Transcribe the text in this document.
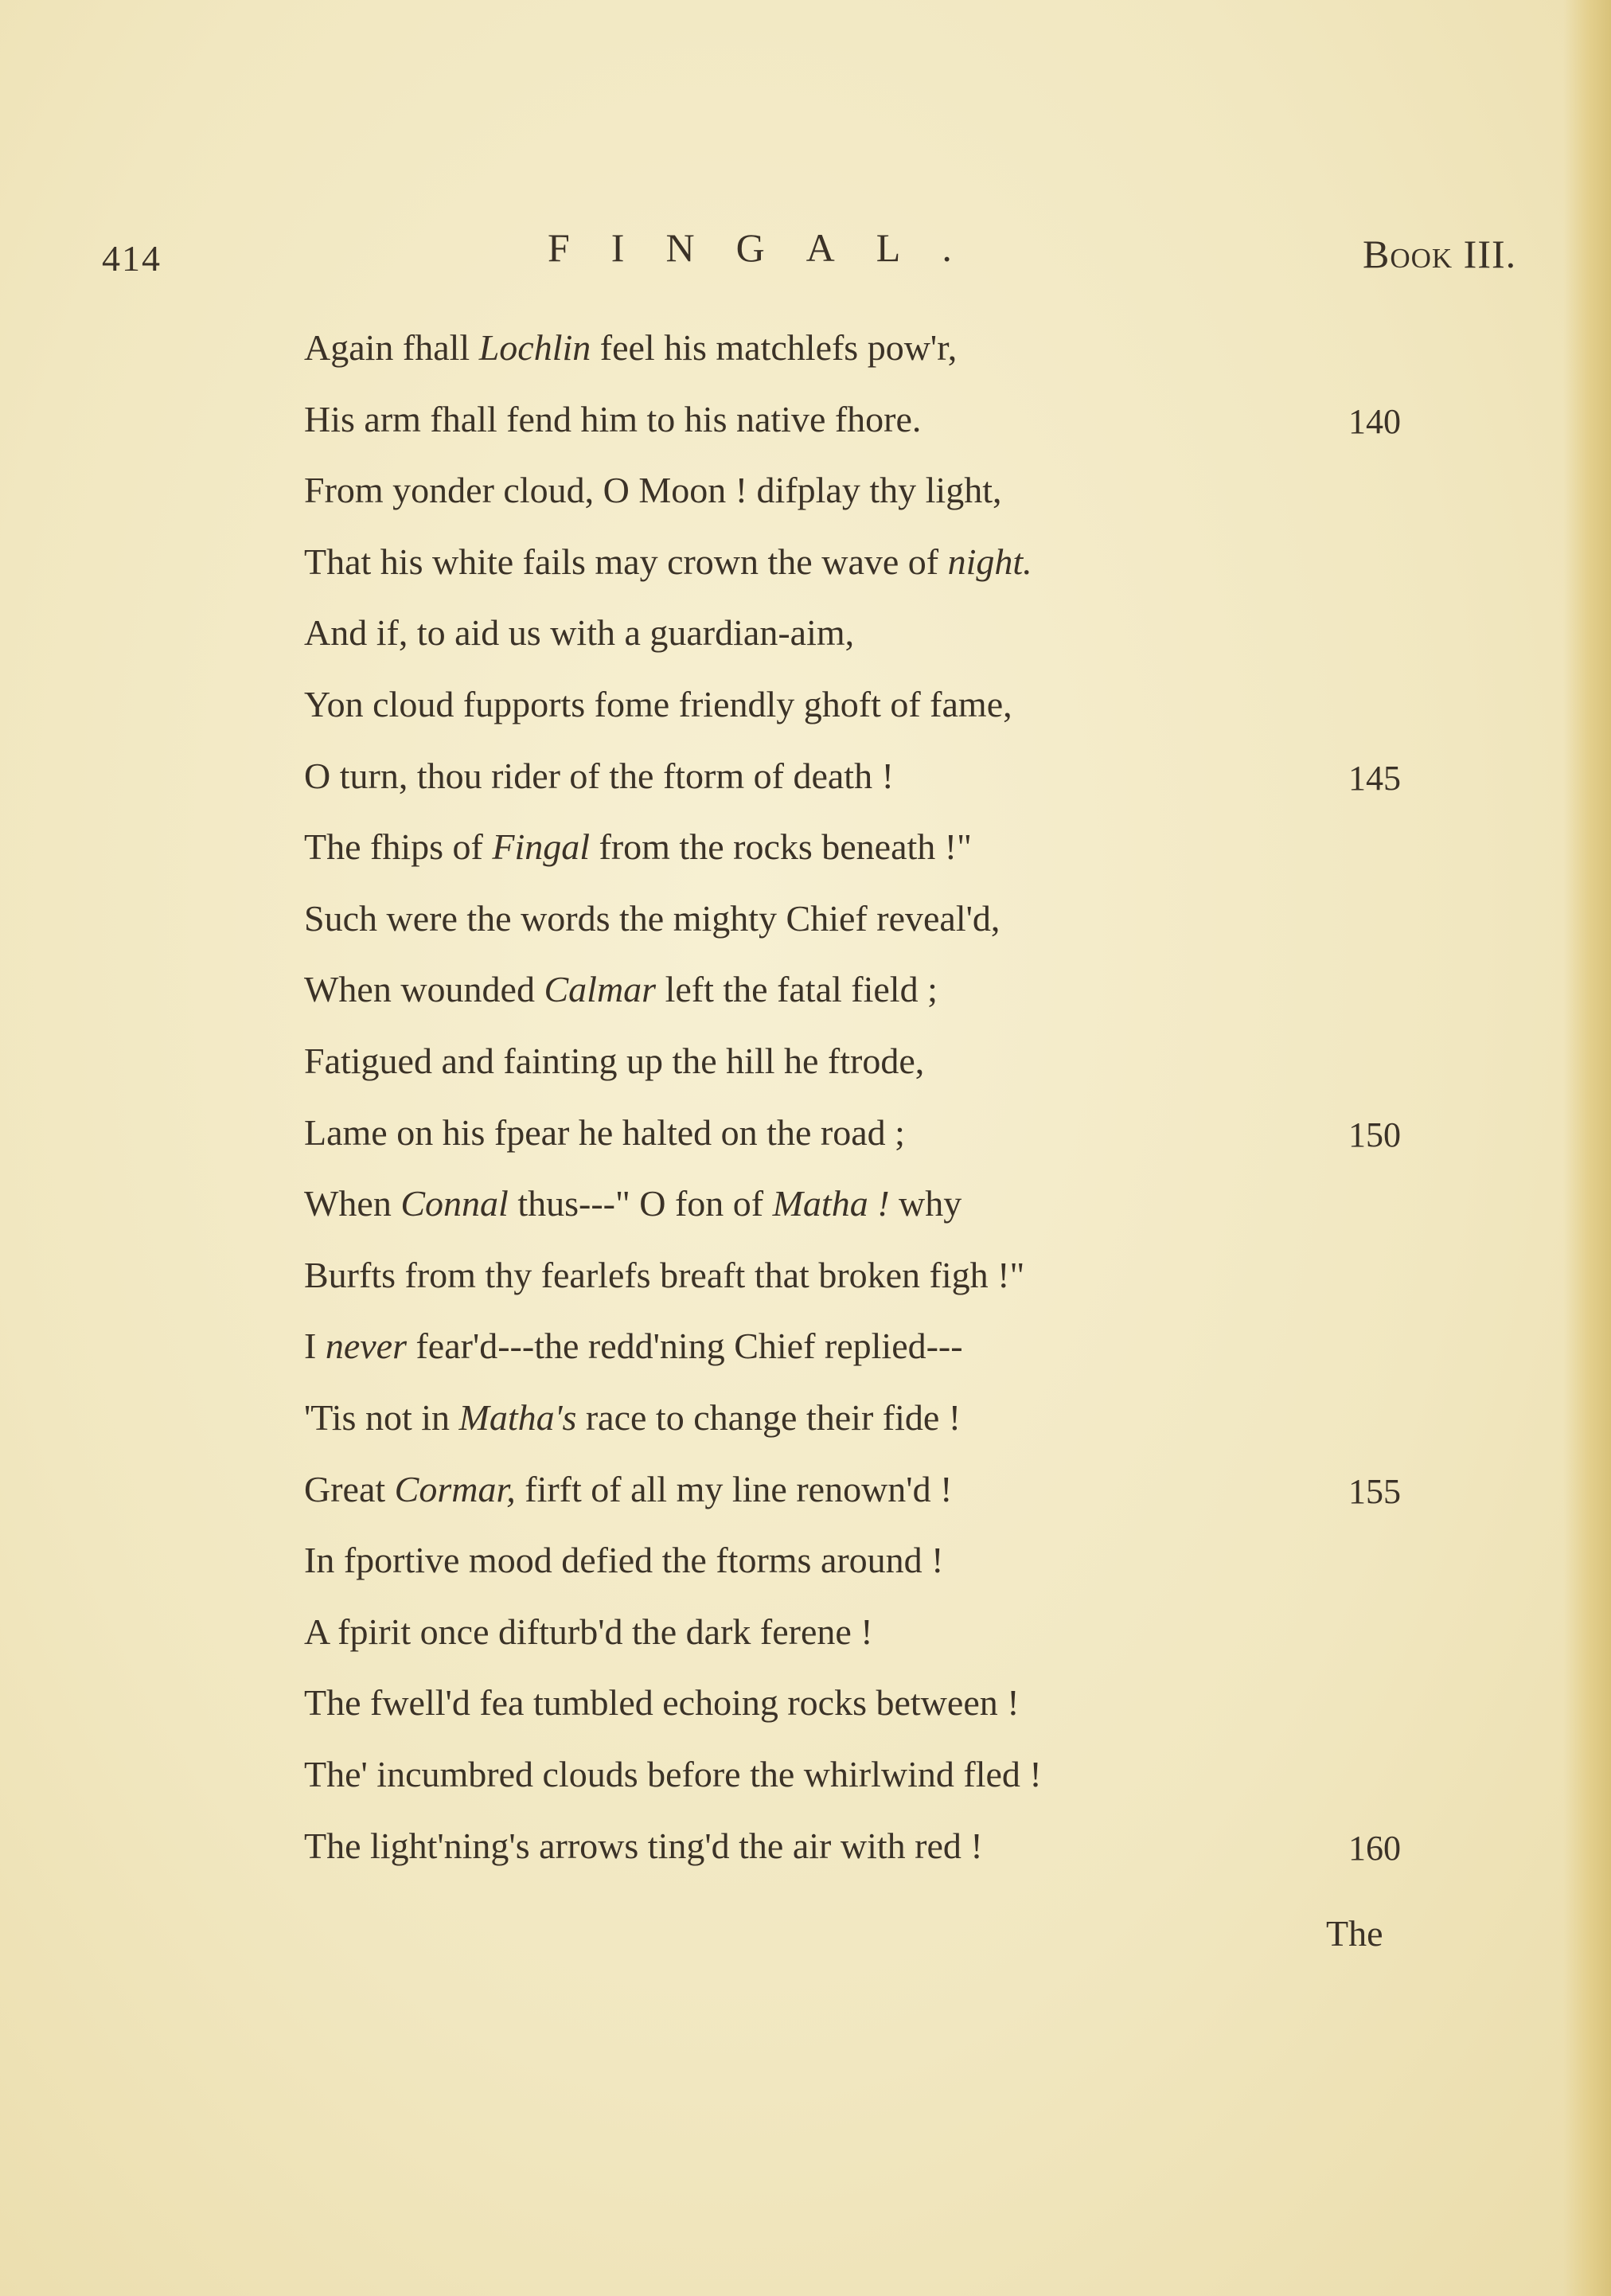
414	FINGAL.	Book III.

Again fhall Lochlin feel his matchlefs pow'r,

His arm fhall fend him to his native fhore.	140

From yonder cloud, O Moon ! difplay thy light,

That his white fails may crown the wave of night.

And if, to aid us with a guardian-aim,

Yon cloud fupports fome friendly ghoft of fame,

O turn, thou rider of the ftorm of death !	145

The fhips of Fingal from the rocks beneath !"

Such were the words the mighty Chief reveal'd,

When wounded Calmar left the fatal field ;

Fatigued and fainting up the hill he ftrode,

Lame on his fpear he halted on the road ;	150

When Connal thus---" O fon of Matha ! why

Burfts from thy fearlefs breaft that broken figh !"

I never fear'd---the redd'ning Chief replied---

'Tis not in Matha's race to change their fide !

Great Cormar, firft of all my line renown'd !	155

In fportive mood defied the ftorms around !

A fpirit once difturb'd the dark ferene !

The fwell'd fea tumbled echoing rocks between !

The' incumbred clouds before the whirlwind fled !

The light'ning's arrows ting'd the air with red !	160
The
